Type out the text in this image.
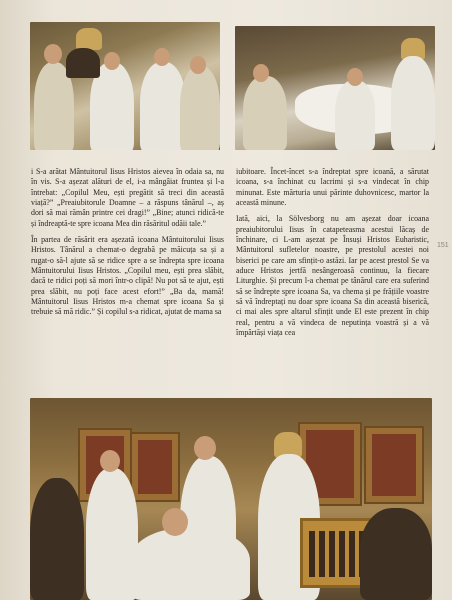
i S-a arătat Mântuitorul Iisus Hristos aievea în odaia sa, nu în vis. S-a așezat alături de el, i-a mângâiat fruntea și l-a întrebat: „Copilul Meu, ești pregătit să treci din această viață?” „Preaiubitorule Doamne – a răspuns tânărul –, aș dori să mai rămân printre cei dragi!” „Bine; atunci ridică-te și îndreaptă-te spre icoana Mea din răsăritul odăii tale.”

În partea de răsărit era așezată icoana Mântuitorului Iisus Hristos. Tânărul a chemat-o degrabă pe măicuța sa și a rugat-o să-l ajute să se ridice spre a se îndrepta spre icoana Mântuitorului Iisus Hristos. „Copilul meu, ești prea slăbit, dacă te ridici poți să mori într-o clipă! Nu pot să te ajut, ești prea slăbit, nu poți face acest efort!” „Ba da, mamă! Mântuitorul Iisus Hristos m-a chemat spre icoana Sa și trebuie să mă ridic.” Și copilul s-a ridicat, ajutat de mama sa

iubitoare. Încet-încet s-a îndreptat spre icoană, a sărutat icoana, s-a închinat cu lacrimi și s-a vindecat în chip minunat. Este mărturia unui părinte duhovnicesc, martor la această minune.

Iată, aici, la Sölvesborg nu am așezat doar icoana preaiubitorului Iisus în catapeteasma acestui lăcaș de închinare, ci L-am așezat pe Însuși Hristos Euharistic, Mântuitorul sufletelor noastre, pe prestolul acestei noi biserici pe care am sfințit-o astăzi. Iar pe acest prestol Se va aduce Hristos jertfă nesângeroasă continuu, la fiecare Liturghie. Și precum l-a chemat pe tânărul care era suferind să se îndrepte spre icoana Sa, va chema și pe frățiile voastre să vă îndreptați nu doar spre icoana Sa din această biserică, ci mai ales spre altarul sfințit unde El este prezent în chip real, pentru a vă vindeca de neputința voastră și a vă împărtăși viața cea

151
